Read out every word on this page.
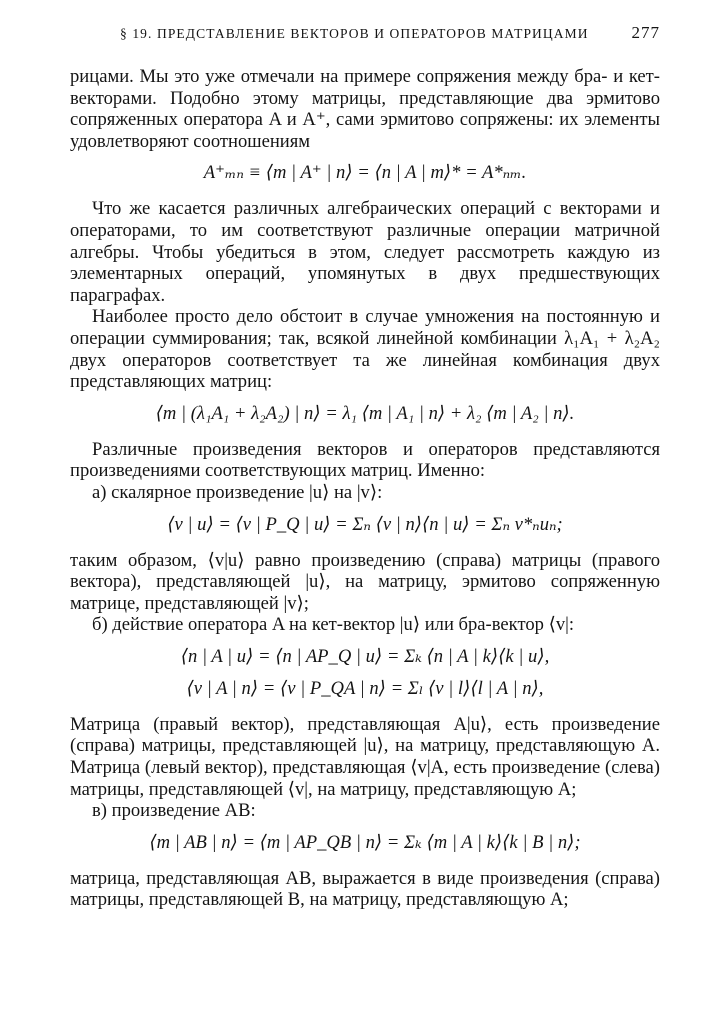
§ 19. ПРЕДСТАВЛЕНИЕ ВЕКТОРОВ И ОПЕРАТОРОВ МАТРИЦАМИ	277

рицами. Мы это уже отмечали на примере сопряжения между бра- и кет-векторами. Подобно этому матрицы, представляющие два эрмитово сопряженных оператора A и A⁺, сами эрмитово сопряжены: их элементы удовлетворяют соотношениям

A⁺ₘₙ ≡ ⟨m | A⁺ | n⟩ = ⟨n | A | m⟩* = A*ₙₘ.

Что же касается различных алгебраических операций с векторами и операторами, то им соответствуют различные операции матричной алгебры. Чтобы убедиться в этом, следует рассмотреть каждую из элементарных операций, упомянутых в двух предшествующих параграфах.

Наиболее просто дело обстоит в случае умножения на постоянную и операции суммирования; так, всякой линейной комбинации λ₁A₁ + λ₂A₂ двух операторов соответствует та же линейная комбинация двух представляющих матриц:

⟨m | (λ₁A₁ + λ₂A₂) | n⟩ = λ₁ ⟨m | A₁ | n⟩ + λ₂ ⟨m | A₂ | n⟩.

Различные произведения векторов и операторов представляются произведениями соответствующих матриц. Именно:

а) скалярное произведение |u⟩ на |v⟩:

⟨v | u⟩ = ⟨v | P_Q | u⟩ = Σₙ ⟨v | n⟩⟨n | u⟩ = Σₙ v*ₙuₙ;

таким образом, ⟨v|u⟩ равно произведению (справа) матрицы (правого вектора), представляющей |u⟩, на матрицу, эрмитово сопряженную матрице, представляющей |v⟩;

б) действие оператора A на кет-вектор |u⟩ или бра-вектор ⟨v|:

⟨n | A | u⟩ = ⟨n | AP_Q | u⟩ = Σₖ ⟨n | A | k⟩⟨k | u⟩,

⟨v | A | n⟩ = ⟨v | P_QA | n⟩ = Σₗ ⟨v | l⟩⟨l | A | n⟩,

Матрица (правый вектор), представляющая A|u⟩, есть произведение (справа) матрицы, представляющей |u⟩, на матрицу, представляющую A. Матрица (левый вектор), представляющая ⟨v|A, есть произведение (слева) матрицы, представляющей ⟨v|, на матрицу, представляющую A;

в) произведение AB:

⟨m | AB | n⟩ = ⟨m | AP_QB | n⟩ = Σₖ ⟨m | A | k⟩⟨k | B | n⟩;

матрица, представляющая AB, выражается в виде произведения (справа) матрицы, представляющей B, на матрицу, представляющую A;
